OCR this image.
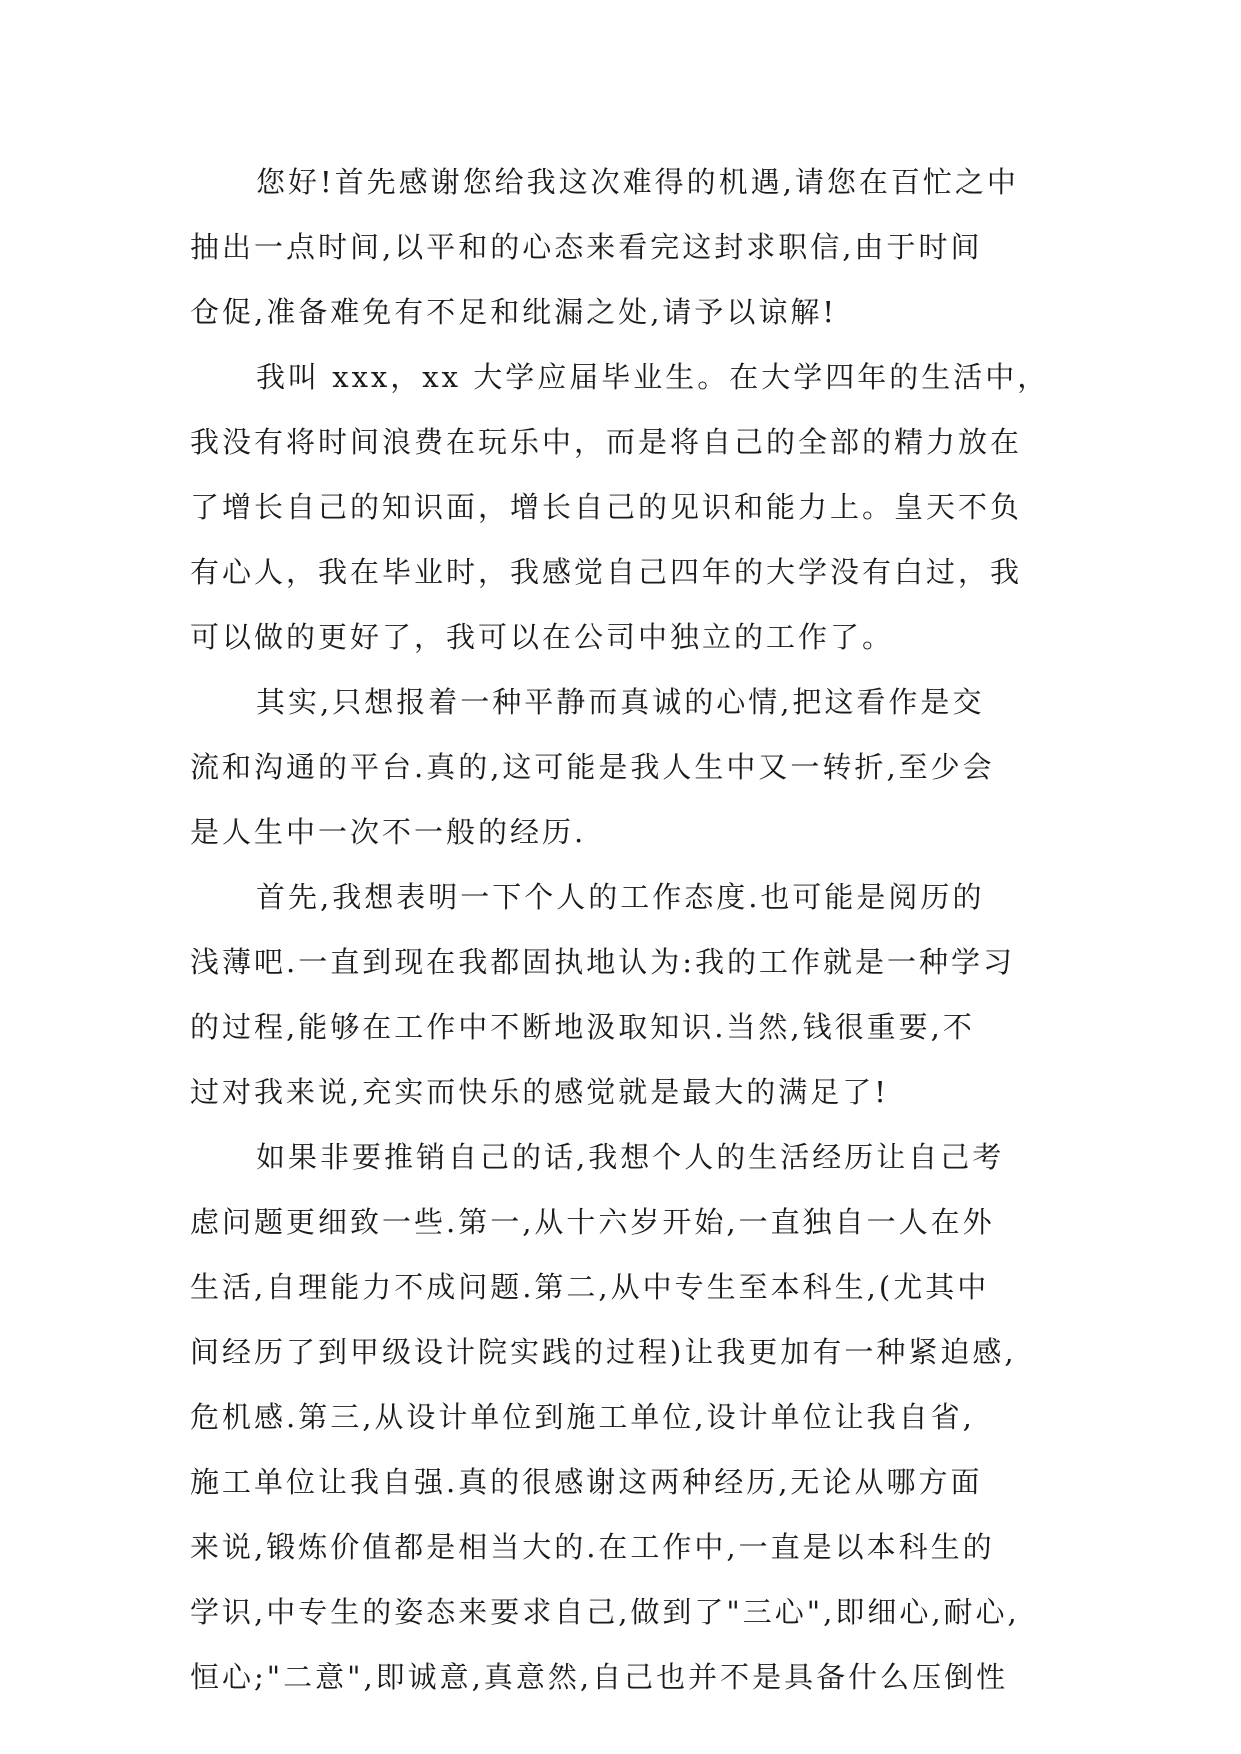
您好!首先感谢您给我这次难得的机遇,请您在百忙之中
抽出一点时间,以平和的心态来看完这封求职信,由于时间
仓促,准备难免有不足和纰漏之处,请予以谅解!
我叫 xxx，xx 大学应届毕业生。在大学四年的生活中，
我没有将时间浪费在玩乐中，而是将自己的全部的精力放在
了增长自己的知识面，增长自己的见识和能力上。皇天不负
有心人，我在毕业时，我感觉自己四年的大学没有白过，我
可以做的更好了，我可以在公司中独立的工作了。
其实,只想报着一种平静而真诚的心情,把这看作是交
流和沟通的平台.真的,这可能是我人生中又一转折,至少会
是人生中一次不一般的经历.
首先,我想表明一下个人的工作态度.也可能是阅历的
浅薄吧.一直到现在我都固执地认为:我的工作就是一种学习
的过程,能够在工作中不断地汲取知识.当然,钱很重要,不
过对我来说,充实而快乐的感觉就是最大的满足了!
如果非要推销自己的话,我想个人的生活经历让自己考
虑问题更细致一些.第一,从十六岁开始,一直独自一人在外
生活,自理能力不成问题.第二,从中专生至本科生,(尤其中
间经历了到甲级设计院实践的过程)让我更加有一种紧迫感,
危机感.第三,从设计单位到施工单位,设计单位让我自省,
施工单位让我自强.真的很感谢这两种经历,无论从哪方面
来说,锻炼价值都是相当大的.在工作中,一直是以本科生的
学识,中专生的姿态来要求自己,做到了"三心",即细心,耐心,
恒心;"二意",即诚意,真意然,自己也并不是具备什么压倒性
